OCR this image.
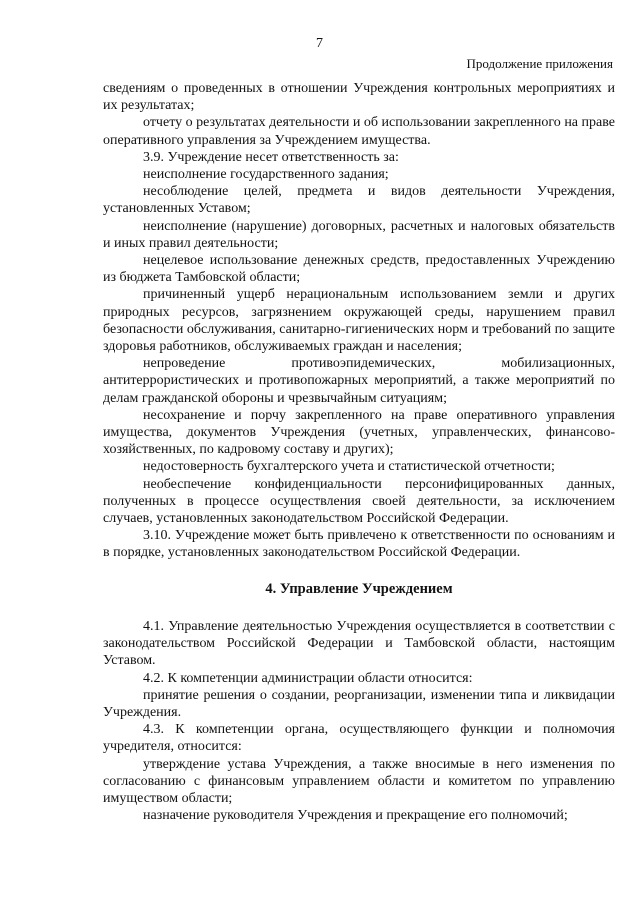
7
Продолжение приложения

сведениям о проведенных в отношении Учреждения контрольных мероприятиях и их результатах;

отчету о результатах деятельности и об использовании закрепленного на праве оперативного управления за Учреждением имущества.

3.9. Учреждение несет ответственность за:

неисполнение государственного задания;

несоблюдение целей, предмета и видов деятельности Учреждения, установленных Уставом;

неисполнение (нарушение) договорных, расчетных и налоговых обязательств и иных правил деятельности;

нецелевое использование денежных средств, предоставленных Учреждению из бюджета Тамбовской области;

причиненный ущерб нерациональным использованием земли и других природных ресурсов, загрязнением окружающей среды, нарушением правил безопасности обслуживания, санитарно-гигиенических норм и требований по защите здоровья работников, обслуживаемых граждан и населения;

непроведение противоэпидемических, мобилизационных, антитеррористических и противопожарных мероприятий, а также мероприятий по делам гражданской обороны и чрезвычайным ситуациям;

несохранение и порчу закрепленного на праве оперативного управления имущества, документов Учреждения (учетных, управленческих, финансово-хозяйственных, по кадровому составу и других);

недостоверность бухгалтерского учета и статистической отчетности;

необеспечение конфиденциальности персонифицированных данных, полученных в процессе осуществления своей деятельности, за исключением случаев, установленных законодательством Российской Федерации.

3.10. Учреждение может быть привлечено к ответственности по основаниям и в порядке, установленных законодательством Российской Федерации.

4. Управление Учреждением

4.1. Управление деятельностью Учреждения осуществляется в соответствии с законодательством Российской Федерации и Тамбовской области, настоящим Уставом.

4.2. К компетенции администрации области относится:

принятие решения о создании, реорганизации, изменении типа и ликвидации Учреждения.

4.3. К компетенции органа, осуществляющего функции и полномочия учредителя, относится:

утверждение устава Учреждения, а также вносимые в него изменения по согласованию с финансовым управлением области и комитетом по управлению имуществом области;

назначение руководителя Учреждения и прекращение его полномочий;
